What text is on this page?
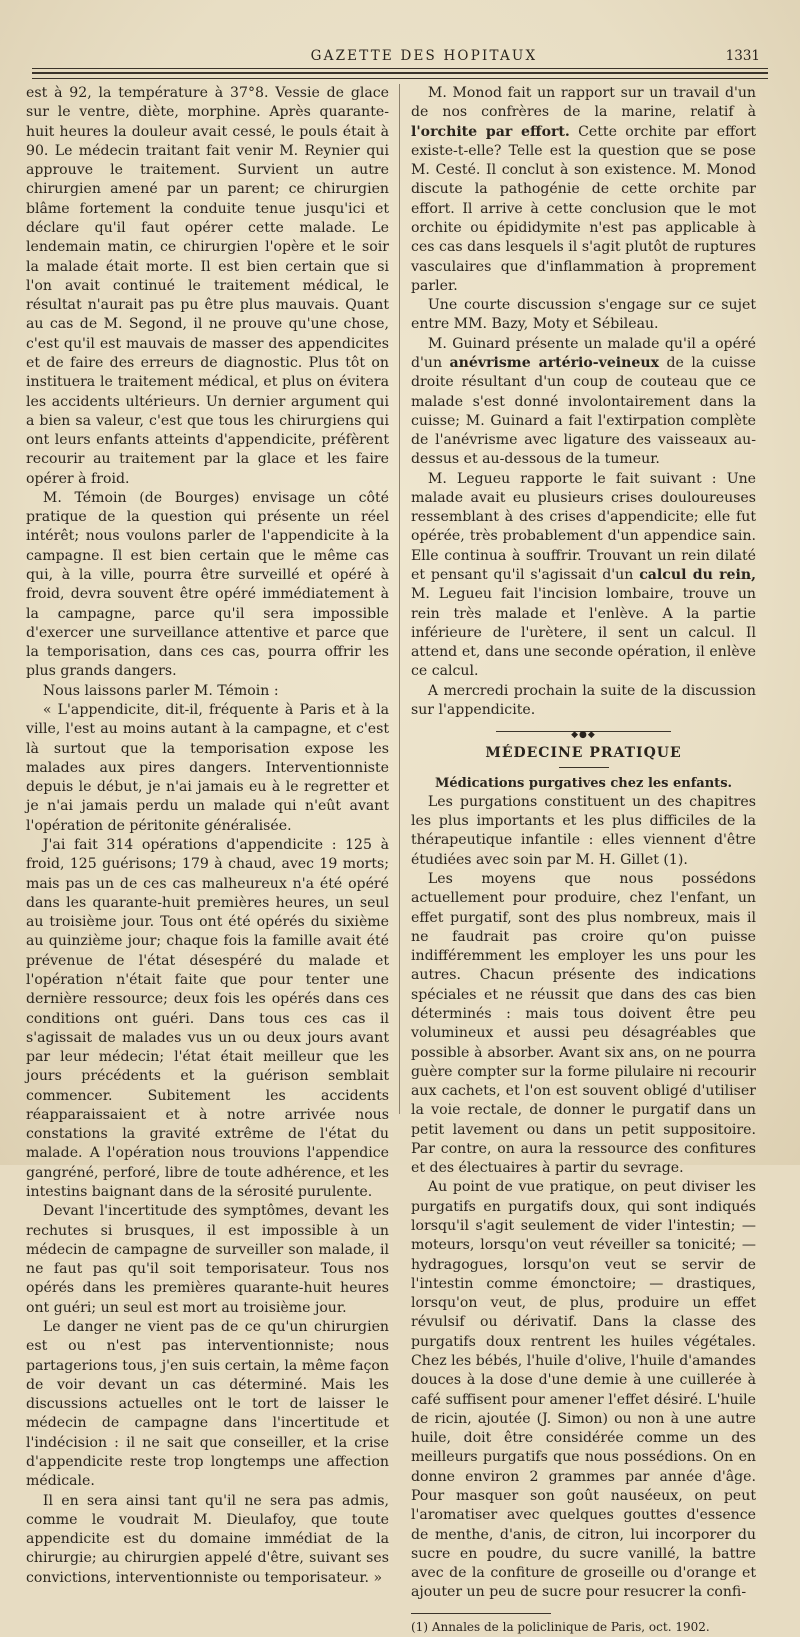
GAZETTE DES HOPITAUX	1331

est à 92, la température à 37°8. Vessie de glace sur le ventre, diète, morphine. Après quarante-huit heures la douleur avait cessé, le pouls était à 90. Le médecin traitant fait venir M. Reynier qui approuve le traitement. Survient un autre chirurgien amené par un parent; ce chirurgien blâme fortement la conduite tenue jusqu'ici et déclare qu'il faut opérer cette malade. Le lendemain matin, ce chirurgien l'opère et le soir la malade était morte. Il est bien certain que si l'on avait continué le traitement médical, le résultat n'aurait pas pu être plus mauvais. Quant au cas de M. Segond, il ne prouve qu'une chose, c'est qu'il est mauvais de masser des appendicites et de faire des erreurs de diagnostic. Plus tôt on instituera le traitement médical, et plus on évitera les accidents ultérieurs. Un dernier argument qui a bien sa valeur, c'est que tous les chirurgiens qui ont leurs enfants atteints d'appendicite, préfèrent recourir au traitement par la glace et les faire opérer à froid.

M. Témoin (de Bourges) envisage un côté pratique de la question qui présente un réel intérêt; nous voulons parler de l'appendicite à la campagne. Il est bien certain que le même cas qui, à la ville, pourra être surveillé et opéré à froid, devra souvent être opéré immédiatement à la campagne, parce qu'il sera impossible d'exercer une surveillance attentive et parce que la temporisation, dans ces cas, pourra offrir les plus grands dangers.

Nous laissons parler M. Témoin :

« L'appendicite, dit-il, fréquente à Paris et à la ville, l'est au moins autant à la campagne, et c'est là surtout que la temporisation expose les malades aux pires dangers. Interventionniste depuis le début, je n'ai jamais eu à le regretter et je n'ai jamais perdu un malade qui n'eût avant l'opération de péritonite généralisée.

J'ai fait 314 opérations d'appendicite : 125 à froid, 125 guérisons; 179 à chaud, avec 19 morts; mais pas un de ces cas malheureux n'a été opéré dans les quarante-huit premières heures, un seul au troisième jour. Tous ont été opérés du sixième au quinzième jour; chaque fois la famille avait été prévenue de l'état désespéré du malade et l'opération n'était faite que pour tenter une dernière ressource; deux fois les opérés dans ces conditions ont guéri. Dans tous ces cas il s'agissait de malades vus un ou deux jours avant par leur médecin; l'état était meilleur que les jours précédents et la guérison semblait commencer. Subitement les accidents réapparaissaient et à notre arrivée nous constations la gravité extrême de l'état du malade. A l'opération nous trouvions l'appendice gangréné, perforé, libre de toute adhérence, et les intestins baignant dans de la sérosité purulente.

Devant l'incertitude des symptômes, devant les rechutes si brusques, il est impossible à un médecin de campagne de surveiller son malade, il ne faut pas qu'il soit temporisateur. Tous nos opérés dans les premières quarante-huit heures ont guéri; un seul est mort au troisième jour.

Le danger ne vient pas de ce qu'un chirurgien est ou n'est pas interventionniste; nous partagerions tous, j'en suis certain, la même façon de voir devant un cas déterminé. Mais les discussions actuelles ont le tort de laisser le médecin de campagne dans l'incertitude et l'indécision : il ne sait que conseiller, et la crise d'appendicite reste trop longtemps une affection médicale.

Il en sera ainsi tant qu'il ne sera pas admis, comme le voudrait M. Dieulafoy, que toute appendicite est du domaine immédiat de la chirurgie; au chirurgien appelé d'être, suivant ses convictions, interventionniste ou temporisateur. »

M. Monod fait un rapport sur un travail d'un de nos confrères de la marine, relatif à l'orchite par effort. Cette orchite par effort existe-t-elle? Telle est la question que se pose M. Cesté. Il conclut à son existence. M. Monod discute la pathogénie de cette orchite par effort. Il arrive à cette conclusion que le mot orchite ou épididymite n'est pas applicable à ces cas dans lesquels il s'agit plutôt de ruptures vasculaires que d'inflammation à proprement parler.

Une courte discussion s'engage sur ce sujet entre MM. Bazy, Moty et Sébileau.

M. Guinard présente un malade qu'il a opéré d'un anévrisme artério-veineux de la cuisse droite résultant d'un coup de couteau que ce malade s'est donné involontairement dans la cuisse; M. Guinard a fait l'extirpation complète de l'anévrisme avec ligature des vaisseaux au-dessus et au-dessous de la tumeur.

M. Legueu rapporte le fait suivant : Une malade avait eu plusieurs crises douloureuses ressemblant à des crises d'appendicite; elle fut opérée, très probablement d'un appendice sain. Elle continua à souffrir. Trouvant un rein dilaté et pensant qu'il s'agissait d'un calcul du rein, M. Legueu fait l'incision lombaire, trouve un rein très malade et l'enlève. A la partie inférieure de l'urètere, il sent un calcul. Il attend et, dans une seconde opération, il enlève ce calcul.

A mercredi prochain la suite de la discussion sur l'appendicite.

◆●◆

MÉDECINE PRATIQUE

Médications purgatives chez les enfants.

Les purgations constituent un des chapitres les plus importants et les plus difficiles de la thérapeutique infantile : elles viennent d'être étudiées avec soin par M. H. Gillet (1).

Les moyens que nous possédons actuellement pour produire, chez l'enfant, un effet purgatif, sont des plus nombreux, mais il ne faudrait pas croire qu'on puisse indifféremment les employer les uns pour les autres. Chacun présente des indications spéciales et ne réussit que dans des cas bien déterminés : mais tous doivent être peu volumineux et aussi peu désagréables que possible à absorber. Avant six ans, on ne pourra guère compter sur la forme pilulaire ni recourir aux cachets, et l'on est souvent obligé d'utiliser la voie rectale, de donner le purgatif dans un petit lavement ou dans un petit suppositoire. Par contre, on aura la ressource des confitures et des électuaires à partir du sevrage.

Au point de vue pratique, on peut diviser les purgatifs en purgatifs doux, qui sont indiqués lorsqu'il s'agit seulement de vider l'intestin; — moteurs, lorsqu'on veut réveiller sa tonicité; — hydragogues, lorsqu'on veut se servir de l'intestin comme émonctoire; — drastiques, lorsqu'on veut, de plus, produire un effet révulsif ou dérivatif. Dans la classe des purgatifs doux rentrent les huiles végétales. Chez les bébés, l'huile d'olive, l'huile d'amandes douces à la dose d'une demie à une cuillerée à café suffisent pour amener l'effet désiré. L'huile de ricin, ajoutée (J. Simon) ou non à une autre huile, doit être considérée comme un des meilleurs purgatifs que nous possédions. On en donne environ 2 grammes par année d'âge. Pour masquer son goût nauséeux, on peut l'aromatiser avec quelques gouttes d'essence de menthe, d'anis, de citron, lui incorporer du sucre en poudre, du sucre vanillé, la battre avec de la confiture de groseille ou d'orange et ajouter un peu de sucre pour resucrer la confi-

(1) Annales de la policlinique de Paris, oct. 1902.
